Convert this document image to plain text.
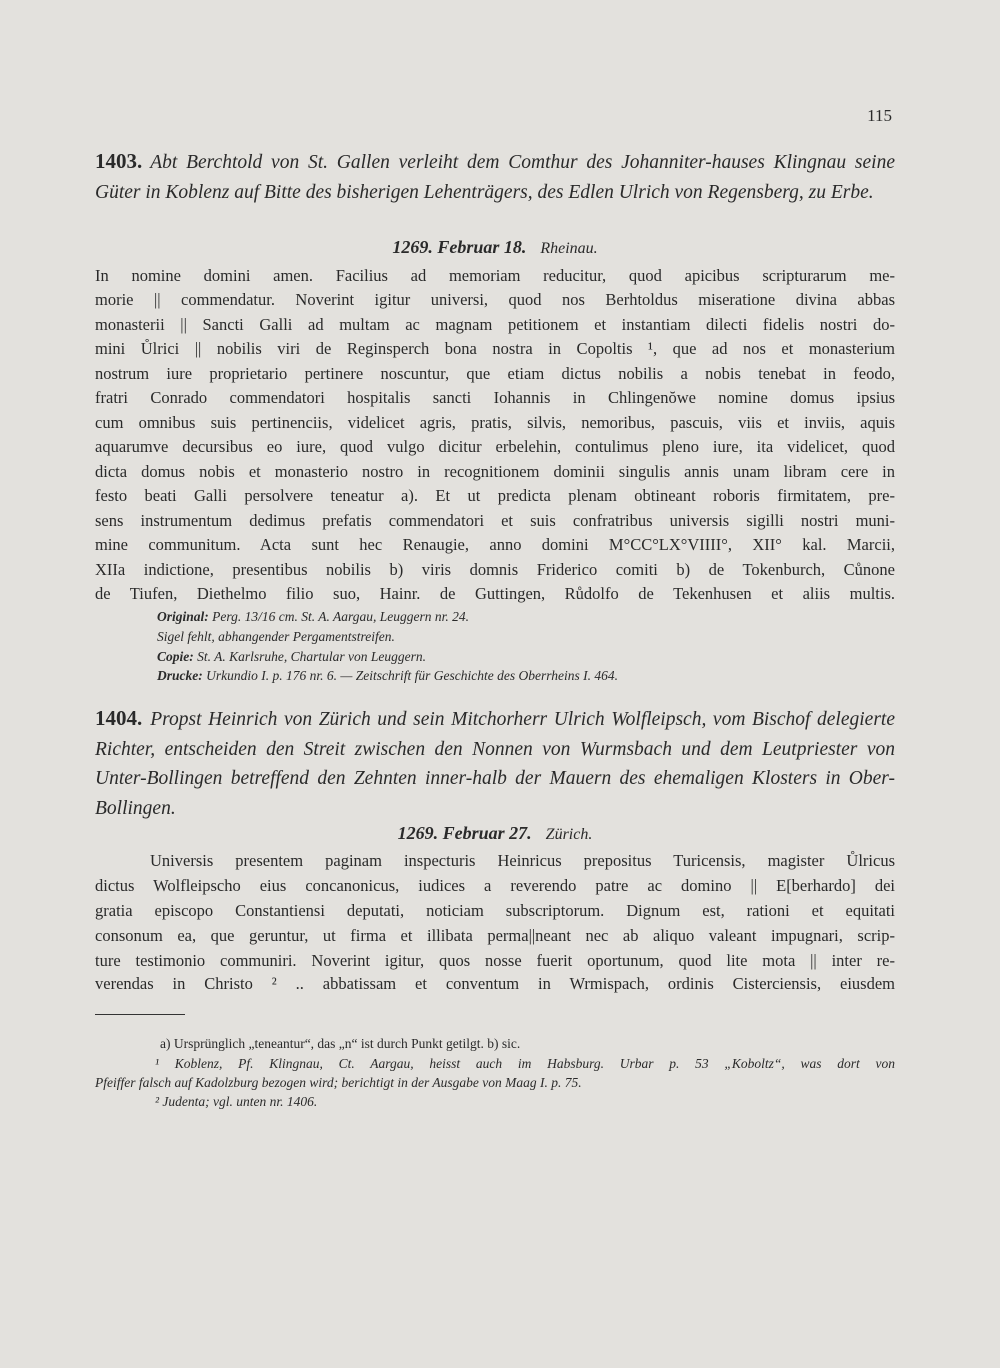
115
1403. Abt Berchtold von St. Gallen verleiht dem Comthur des Johanniter-hauses Klingnau seine Güter in Koblenz auf Bitte des bisherigen Lehenträgers, des Edlen Ulrich von Regensberg, zu Erbe.
1269. Februar 18. Rheinau.
In nomine domini amen. Facilius ad memoriam reducitur, quod apicibus scripturarum me-
morie || commendatur. Noverint igitur universi, quod nos Berhtoldus miseratione divina abbas
monasterii || Sancti Galli ad multam ac magnam petitionem et instantiam dilecti fidelis nostri do-
mini Ůlrici || nobilis viri de Reginsperch bona nostra in Copoltis ¹, que ad nos et monasterium
nostrum iure proprietario pertinere noscuntur, que etiam dictus nobilis a nobis tenebat in feodo,
fratri Conrado commendatori hospitalis sancti Iohannis in Chlingenŏwe nomine domus ipsius
cum omnibus suis pertinenciis, videlicet agris, pratis, silvis, nemoribus, pascuis, viis et inviis, aquis
aquarumve decursibus eo iure, quod vulgo dicitur erbelehin, contulimus pleno iure, ita videlicet, quod
dicta domus nobis et monasterio nostro in recognitionem dominii singulis annis unam libram cere in
festo beati Galli persolvere teneatur a). Et ut predicta plenam obtineant roboris firmitatem, pre-
sens instrumentum dedimus prefatis commendatori et suis confratribus universis sigilli nostri muni-
mine communitum. Acta sunt hec Renaugie, anno domini M°CC°LX°VIIII°, XII° kal. Marcii,
XIIa indictione, presentibus nobilis b) viris domnis Friderico comiti b) de Tokenburch, Cůnone
de Tiufen, Diethelmo filio suo, Hainr. de Guttingen, Růdolfo de Tekenhusen et aliis multis.
Original: Perg. 13/16 cm. St. A. Aargau, Leuggern nr. 24.
Sigel fehlt, abhangender Pergamentstreifen.
Copie: St. A. Karlsruhe, Chartular von Leuggern.
Drucke: Urkundio I. p. 176 nr. 6. — Zeitschrift für Geschichte des Oberrheins I. 464.
1404. Propst Heinrich von Zürich und sein Mitchorherr Ulrich Wolfleipsch, vom Bischof delegierte Richter, entscheiden den Streit zwischen den Nonnen von Wurmsbach und dem Leutpriester von Unter-Bollingen betreffend den Zehnten inner-halb der Mauern des ehemaligen Klosters in Ober-Bollingen.
1269. Februar 27. Zürich.
Universis presentem paginam inspecturis Heinricus prepositus Turicensis, magister Ůlricus
dictus Wolfleipscho eius concanonicus, iudices a reverendo patre ac domino || E[berhardo] dei
gratia episcopo Constantiensi deputati, noticiam subscriptorum. Dignum est, rationi et equitati
consonum ea, que geruntur, ut firma et illibata perma||neant nec ab aliquo valeant impugnari, scrip-
ture testimonio communiri. Noverint igitur, quos nosse fuerit oportunum, quod lite mota || inter re-
verendas in Christo ² .. abbatissam et conventum in Wrmispach, ordinis Cisterciensis, eiusdem
a) Ursprünglich „teneantur“, das „n“ ist durch Punkt getilgt. b) sic.
¹ Koblenz, Pf. Klingnau, Ct. Aargau, heisst auch im Habsburg. Urbar p. 53 „Koboltz“, was dort von
Pfeiffer falsch auf Kadolzburg bezogen wird; berichtigt in der Ausgabe von Maag I. p. 75.
² Judenta; vgl. unten nr. 1406.
